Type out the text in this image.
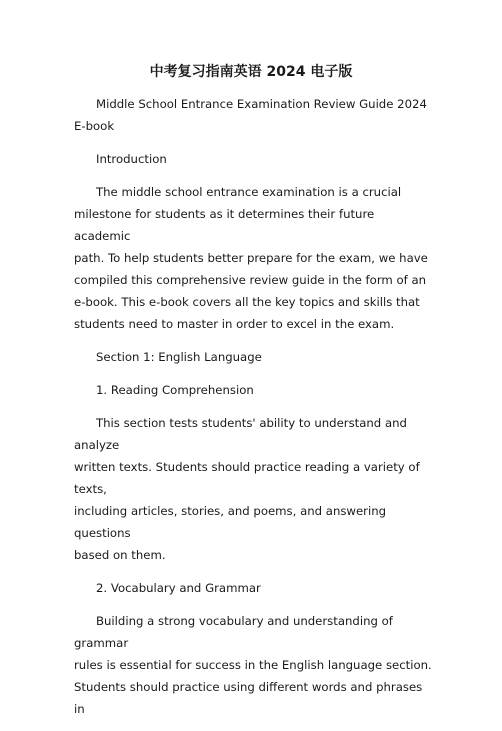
中考复习指南英语 2024 电子版

Middle School Entrance Examination Review Guide 2024
E-book

Introduction

The middle school entrance examination is a crucial
milestone for students as it determines their future academic
path. To help students better prepare for the exam, we have
compiled this comprehensive review guide in the form of an
e-book. This e-book covers all the key topics and skills that
students need to master in order to excel in the exam.

Section 1: English Language

1. Reading Comprehension

This section tests students' ability to understand and analyze
written texts. Students should practice reading a variety of texts,
including articles, stories, and poems, and answering questions
based on them.

2. Vocabulary and Grammar

Building a strong vocabulary and understanding of grammar
rules is essential for success in the English language section.
Students should practice using different words and phrases in
